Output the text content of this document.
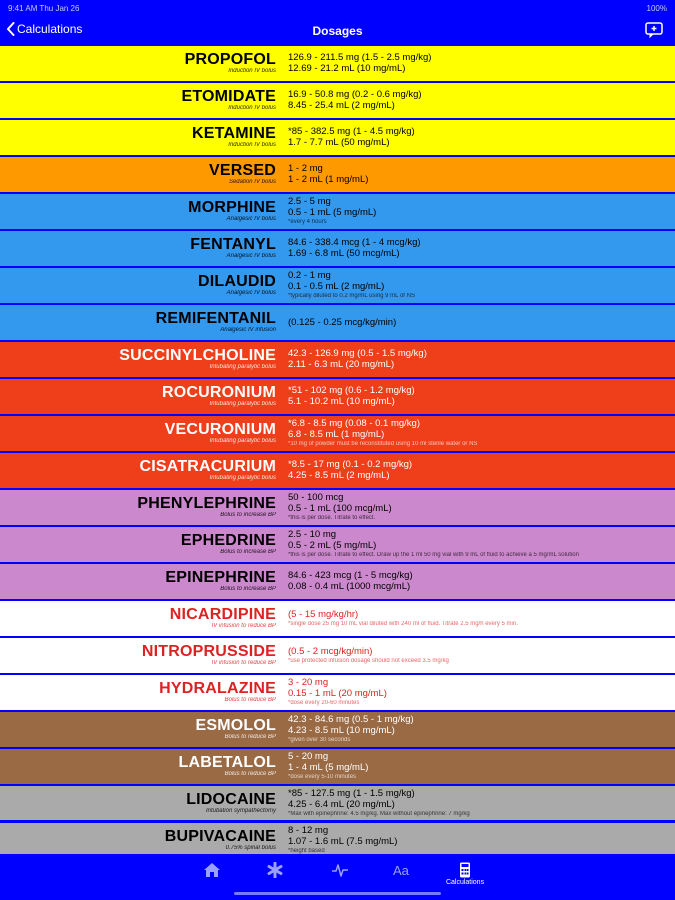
9:41 AM Thu Jan 26	100%
Calculations	Dosages
PROPOFOL
Induction IV bolus
126.9 - 211.5 mg (1.5 - 2.5 mg/kg)
12.69 - 21.2 mL (10 mg/mL)
ETOMIDATE
Induction IV bolus
16.9 - 50.8 mg (0.2 - 0.6 mg/kg)
8.45 - 25.4 mL (2 mg/mL)
KETAMINE
Induction IV bolus
*85 - 382.5 mg (1 - 4.5 mg/kg)
1.7 - 7.7 mL (50 mg/mL)
VERSED
Sedation IV bolus
1 - 2 mg
1 - 2 mL (1 mg/mL)
MORPHINE
Analgesic IV bolus
2.5 - 5 mg
0.5 - 1 mL (5 mg/mL)
*every 4 hours
FENTANYL
Analgesic IV bolus
84.6 - 338.4 mcg (1 - 4 mcg/kg)
1.69 - 6.8 mL (50 mcg/mL)
DILAUDID
Analgesic IV bolus
0.2 - 1 mg
0.1 - 0.5 mL (2 mg/mL)
*typically diluted to 0.2 mg/mL using 9 mL of NS
REMIFENTANIL
Analgesic IV infusion
(0.125 - 0.25 mcg/kg/min)
SUCCINYLCHOLINE
Intubating paralytic bolus
42.3 - 126.9 mg (0.5 - 1.5 mg/kg)
2.11 - 6.3 mL (20 mg/mL)
ROCURONIUM
Intubating paralytic bolus
*51 - 102 mg (0.6 - 1.2 mg/kg)
5.1 - 10.2 mL (10 mg/mL)
VECURONIUM
Intubating paralytic bolus
*6.8 - 8.5 mg (0.08 - 0.1 mg/kg)
6.8 - 8.5 mL (1 mg/mL)
*10 mg of powder must be reconstituted using 10 ml sterile water or NS
CISATRACURIUM
Intubating paralytic bolus
*8.5 - 17 mg (0.1 - 0.2 mg/kg)
4.25 - 8.5 mL (2 mg/mL)
PHENYLEPHRINE
Bolus to increase BP
50 - 100 mcg
0.5 - 1 mL (100 mcg/mL)
*this is per dose. Titrate to effect.
EPHEDRINE
Bolus to increase BP
2.5 - 10 mg
0.5 - 2 mL (5 mg/mL)
*this is per dose. Titrate to effect. Draw up the 1 ml 50 mg vial with 9 mL of fluid to achieve a 5 mg/mL solution
EPINEPHRINE
Bolus to increase BP
84.6 - 423 mcg (1 - 5 mcg/kg)
0.08 - 0.4 mL (1000 mcg/mL)
NICARDIPINE
IV infusion to reduce BP
(5 - 15 mg/kg/hr)
*single dose 25 mg 10 mL vial diluted with 240 ml of fluid. Titrate 2.5 mg/h every 5 min.
NITROPRUSSIDE
IV infusion to reduce BP
(0.5 - 2 mcg/kg/min)
*use protected infusion dosage should not exceed 3.5 mg/kg
HYDRALAZINE
Bolus to reduce BP
3 - 20 mg
0.15 - 1 mL (20 mg/mL)
*dose every 20-60 minutes
ESMOLOL
Bolus to reduce BP
42.3 - 84.6 mg (0.5 - 1 mg/kg)
4.23 - 8.5 mL (10 mg/mL)
*given over 30 seconds
LABETALOL
Bolus to reduce BP
5 - 20 mg
1 - 4 mL (5 mg/mL)
*dose every 5-10 minutes
LIDOCAINE
Intubation sympathectomy
*85 - 127.5 mg (1 - 1.5 mg/kg)
4.25 - 6.4 mL (20 mg/mL)
*Max with epinephrine: 4.5 mg/kg. Max without epinephrine: 7 mg/kg
BUPIVACAINE
0.75% spinal bolus
8 - 12 mg
1.07 - 1.6 mL (7.5 mg/mL)
*height based
Aa
Calculations
